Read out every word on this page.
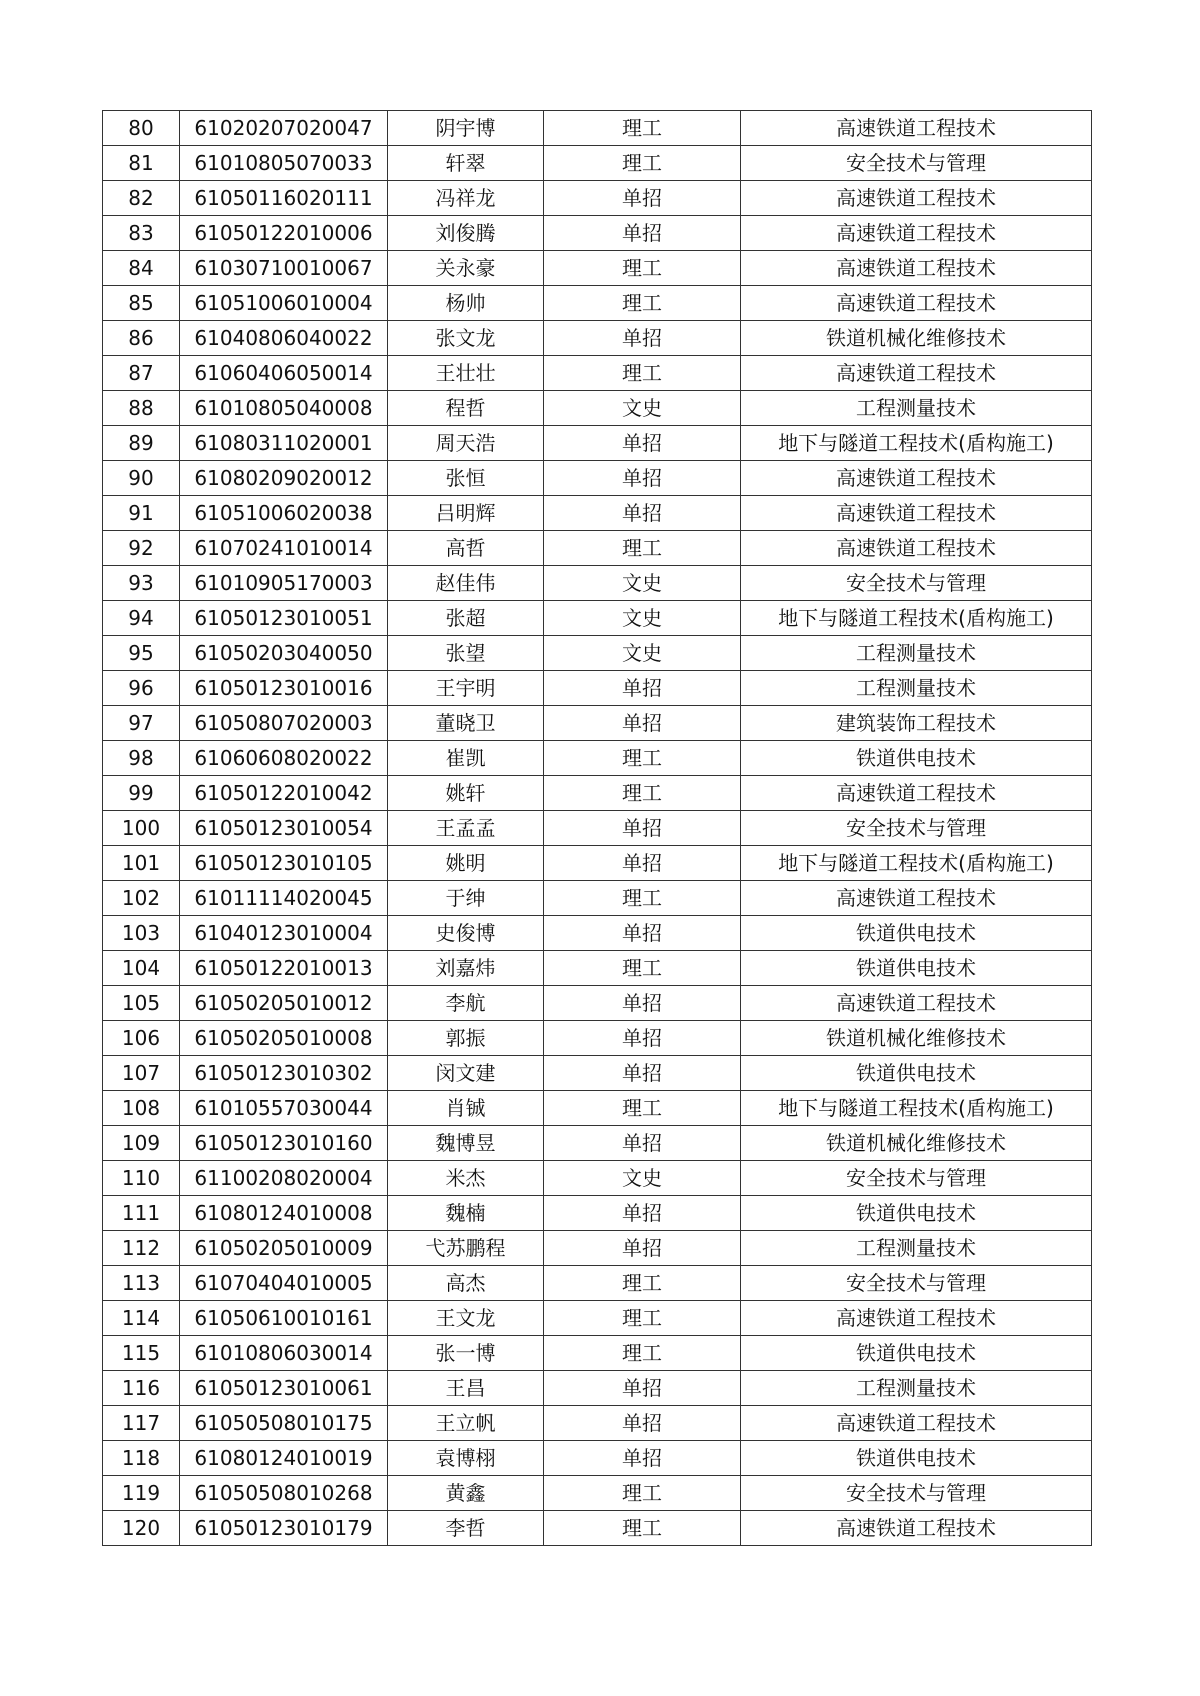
80	61020207020047	阴宇博	理工	高速铁道工程技术
81	61010805070033	轩翠	理工	安全技术与管理
82	61050116020111	冯祥龙	单招	高速铁道工程技术
83	61050122010006	刘俊腾	单招	高速铁道工程技术
84	61030710010067	关永豪	理工	高速铁道工程技术
85	61051006010004	杨帅	理工	高速铁道工程技术
86	61040806040022	张文龙	单招	铁道机械化维修技术
87	61060406050014	王壮壮	理工	高速铁道工程技术
88	61010805040008	程哲	文史	工程测量技术
89	61080311020001	周天浩	单招	地下与隧道工程技术(盾构施工)
90	61080209020012	张恒	单招	高速铁道工程技术
91	61051006020038	吕明辉	单招	高速铁道工程技术
92	61070241010014	高哲	理工	高速铁道工程技术
93	61010905170003	赵佳伟	文史	安全技术与管理
94	61050123010051	张超	文史	地下与隧道工程技术(盾构施工)
95	61050203040050	张望	文史	工程测量技术
96	61050123010016	王宇明	单招	工程测量技术
97	61050807020003	董晓卫	单招	建筑装饰工程技术
98	61060608020022	崔凯	理工	铁道供电技术
99	61050122010042	姚轩	理工	高速铁道工程技术
100	61050123010054	王孟孟	单招	安全技术与管理
101	61050123010105	姚明	单招	地下与隧道工程技术(盾构施工)
102	61011114020045	于绅	理工	高速铁道工程技术
103	61040123010004	史俊博	单招	铁道供电技术
104	61050122010013	刘嘉炜	理工	铁道供电技术
105	61050205010012	李航	单招	高速铁道工程技术
106	61050205010008	郭振	单招	铁道机械化维修技术
107	61050123010302	闵文建	单招	铁道供电技术
108	61010557030044	肖铖	理工	地下与隧道工程技术(盾构施工)
109	61050123010160	魏博昱	单招	铁道机械化维修技术
110	61100208020004	米杰	文史	安全技术与管理
111	61080124010008	魏楠	单招	铁道供电技术
112	61050205010009	弋苏鹏程	单招	工程测量技术
113	61070404010005	高杰	理工	安全技术与管理
114	61050610010161	王文龙	理工	高速铁道工程技术
115	61010806030014	张一博	理工	铁道供电技术
116	61050123010061	王昌	单招	工程测量技术
117	61050508010175	王立帆	单招	高速铁道工程技术
118	61080124010019	袁博栩	单招	铁道供电技术
119	61050508010268	黄鑫	理工	安全技术与管理
120	61050123010179	李哲	理工	高速铁道工程技术
